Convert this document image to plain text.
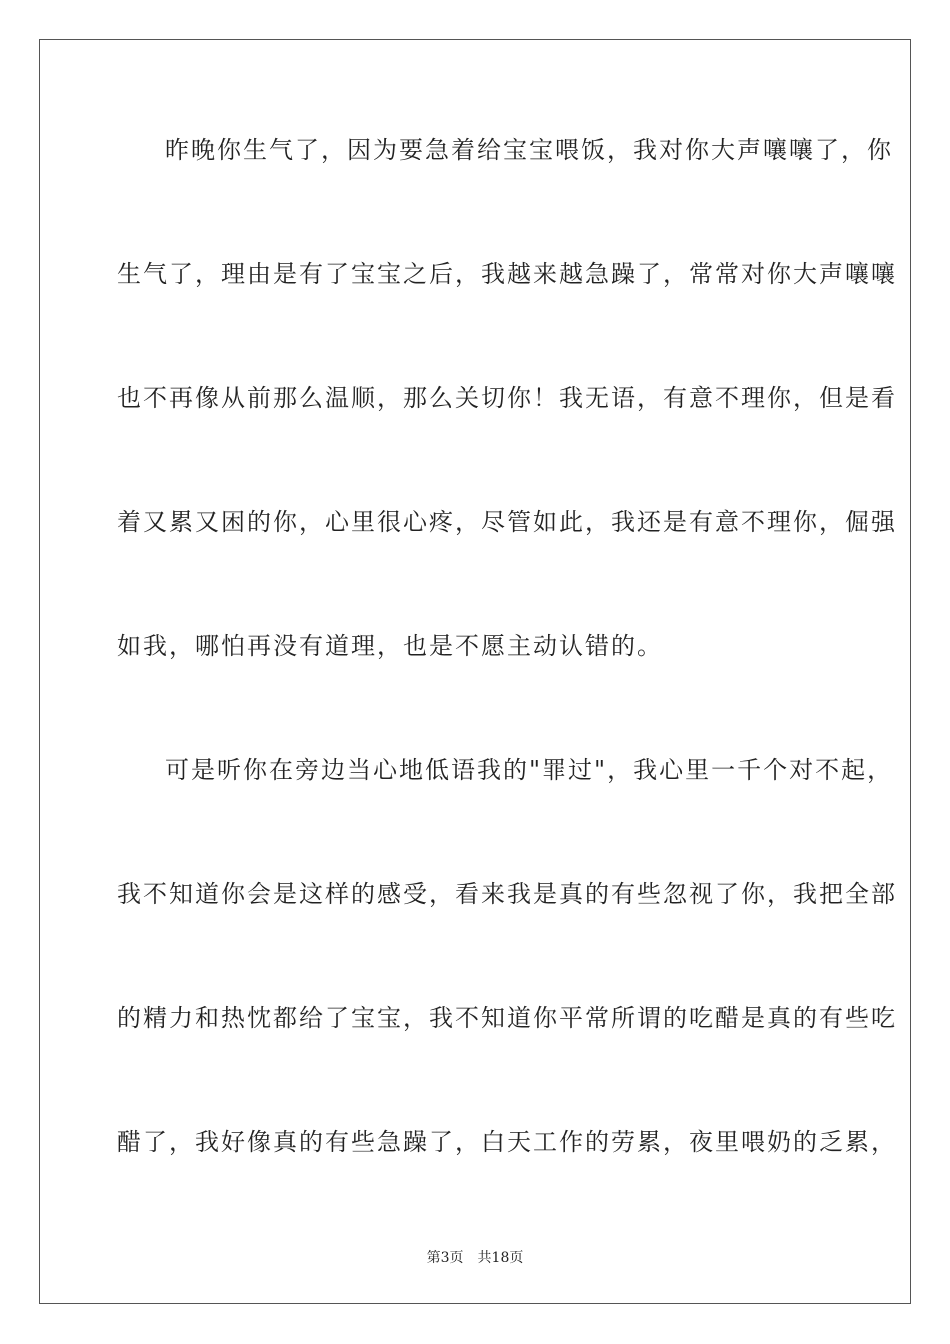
昨晚你生气了，因为要急着给宝宝喂饭，我对你大声嚷嚷了，你
生气了，理由是有了宝宝之后，我越来越急躁了，常常对你大声嚷嚷
也不再像从前那么温顺，那么关切你！我无语，有意不理你，但是看
着又累又困的你，心里很心疼，尽管如此，我还是有意不理你，倔强
如我，哪怕再没有道理，也是不愿主动认错的。
可是听你在旁边当心地低语我的"罪过"，我心里一千个对不起，
我不知道你会是这样的感受，看来我是真的有些忽视了你，我把全部
的精力和热忱都给了宝宝，我不知道你平常所谓的吃醋是真的有些吃
醋了，我好像真的有些急躁了，白天工作的劳累，夜里喂奶的乏累，
第3页 共18页
